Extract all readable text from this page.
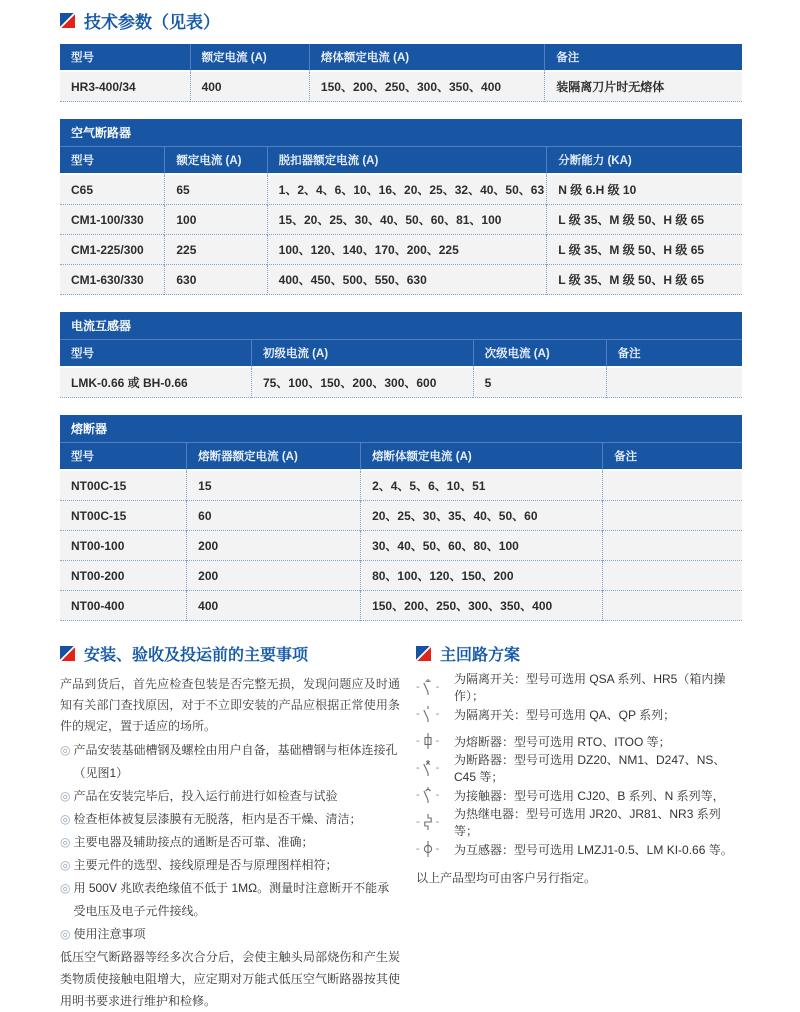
技术参数（见表）
型号	额定电流 (A)	熔体额定电流 (A)	备注
HR3-400/34	400	150、200、250、300、350、400	装隔离刀片时无熔体
空气断路器			
型号	额定电流 (A)	脱扣器额定电流 (A)	分断能力 (KA)
C65	65	1、2、4、6、10、16、20、25、32、40、50、63	N 级 6.H 级 10
CM1-100/330	100	15、20、25、30、40、50、60、81、100	L 级 35、M 级 50、H 级 65
CM1-225/300	225	100、120、140、170、200、225	L 级 35、M 级 50、H 级 65
CM1-630/330	630	400、450、500、550、630	L 级 35、M 级 50、H 级 65
电流互感器			
型号	初级电流 (A)	次级电流 (A)	备注
LMK-0.66 或 BH-0.66	75、100、150、200、300、600	5	
熔断器			
型号	熔断器额定电流 (A)	熔断体额定电流 (A)	备注
NT00C-15	15	2、4、5、6、10、51	
NT00C-15	60	20、25、30、35、40、50、60	
NT00-100	200	30、40、50、60、80、100	
NT00-200	200	80、100、120、150、200	
NT00-400	400	150、200、250、300、350、400	
安装、验收及投运前的主要事项

产品到货后，首先应检查包装是否完整无损，发现问题应及时通知有关部门查找原因，对于不立即安装的产品应根据正常使用条件的规定，置于适应的场所。

◎ 产品安装基础槽钢及螺栓由用户自备，基础槽钢与柜体连接孔（见图1）
◎ 产品在安装完毕后，投入运行前进行如检查与试验
◎ 检查柜体被复层漆膜有无脱落，柜内是否干燥、清洁；
◎ 主要电器及辅助接点的通断是否可靠、准确；
◎ 主要元件的选型、接线原理是否与原理图样相符；
◎ 用 500V 兆欧表绝缘值不低于 1MΩ。测量时注意断开不能承受电压及电子元件接线。
◎ 使用注意事项

低压空气断路器等经多次合分后，会使主触头局部烧伤和产生炭类物质使接触电阻增大，应定期对万能式低压空气断路器按其使用明书要求进行维护和检修。

主回路方案
- -
为隔离开关：型号可选用 QSA 系列、HR5（箱内操作）；
- - 为隔离开关：型号可选用 QA、QP 系列；
- - 为熔断器：型号可选用 RTO、ITOO 等；
- -
为断路器：型号可选用 DZ20、NM1、D247、NS、C45 等；
- - 为接触器：型号可选用 CJ20、B 系列、N 系列等，
- -
为热继电器：型号可选用 JR20、JR81、NR3 系列等；
- - 为互感器：型号可选用 LMZJ1-0.5、LM KI-0.66 等。

以上产品型均可由客户另行指定。
